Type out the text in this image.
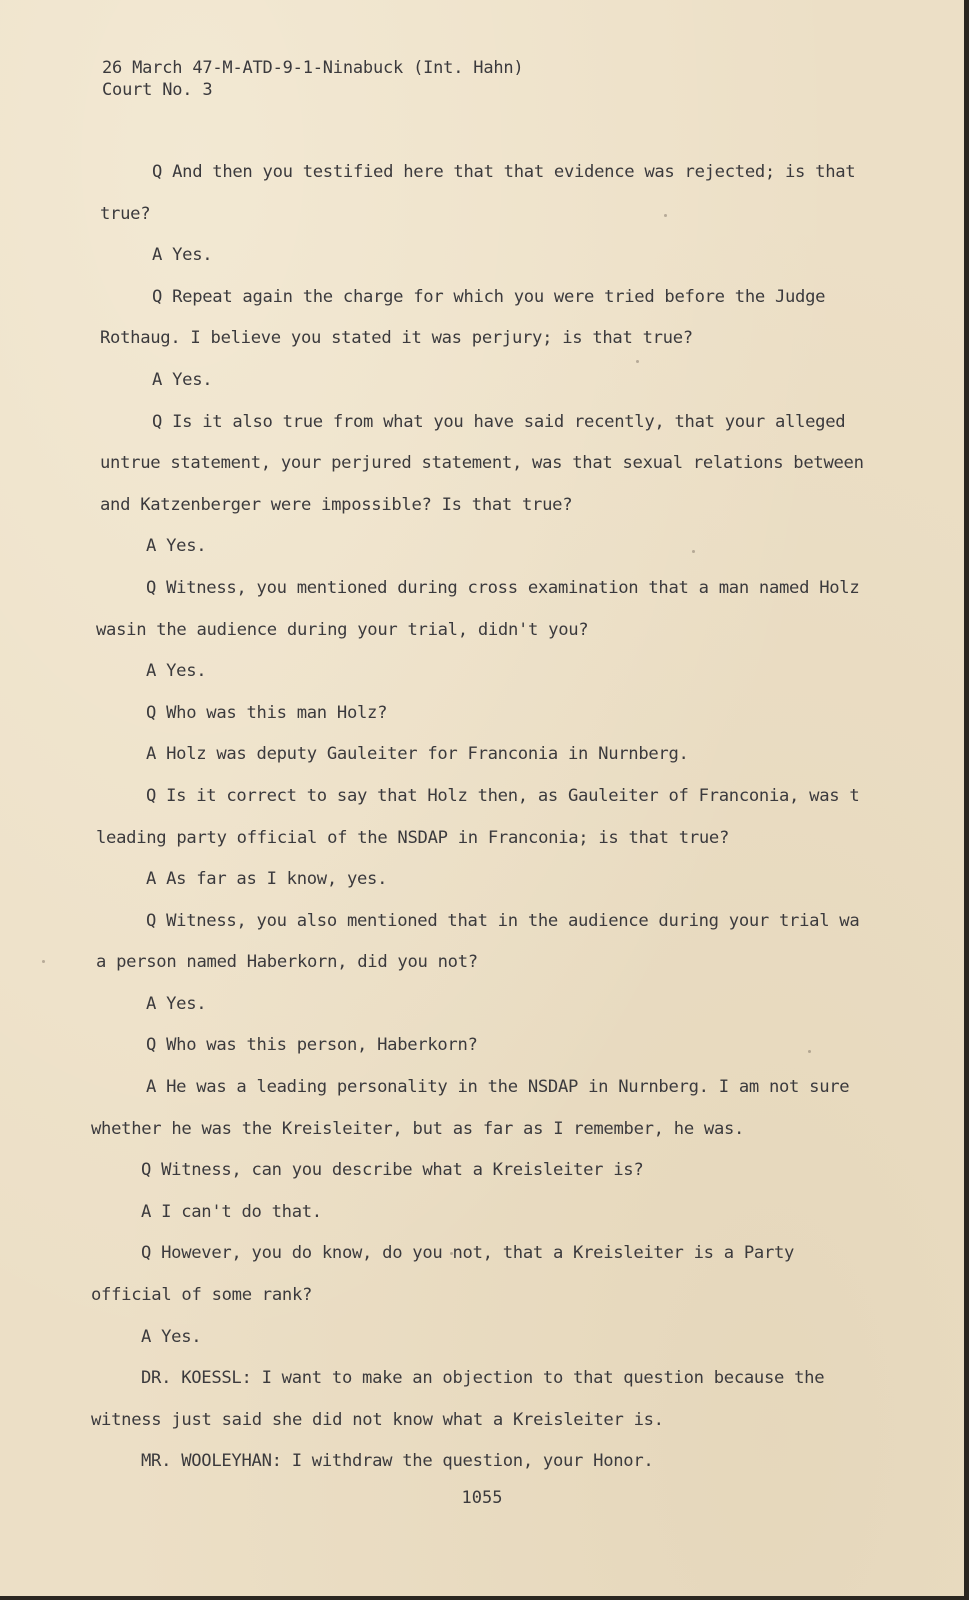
26 March 47-M-ATD-9-1-Ninabuck (Int. Hahn)
Court No. 3
Q And then you testified here that that evidence was rejected; is that
true?
A Yes.
Q Repeat again the charge for which you were tried before the Judge
Rothaug. I believe you stated it was perjury; is that true?
A Yes.
Q Is it also true from what you have said recently, that your alleged
untrue statement, your perjured statement, was that sexual relations between
and Katzenberger were impossible? Is that true?
A Yes.
Q Witness, you mentioned during cross examination that a man named Holz
wasin the audience during your trial, didn't you?
A Yes.
Q Who was this man Holz?
A Holz was deputy Gauleiter for Franconia in Nurnberg.
Q Is it correct to say that Holz then, as Gauleiter of Franconia, was t
leading party official of the NSDAP in Franconia; is that true?
A As far as I know, yes.
Q Witness, you also mentioned that in the audience during your trial wa
a person named Haberkorn, did you not?
A Yes.
Q Who was this person, Haberkorn?
A He was a leading personality in the NSDAP in Nurnberg. I am not sure
whether he was the Kreisleiter, but as far as I remember, he was.
Q Witness, can you describe what a Kreisleiter is?
A I can't do that.
Q However, you do know, do you not, that a Kreisleiter is a Party
official of some rank?
A Yes.
DR. KOESSL: I want to make an objection to that question because the
witness just said she did not know what a Kreisleiter is.
MR. WOOLEYHAN: I withdraw the question, your Honor.
1055
